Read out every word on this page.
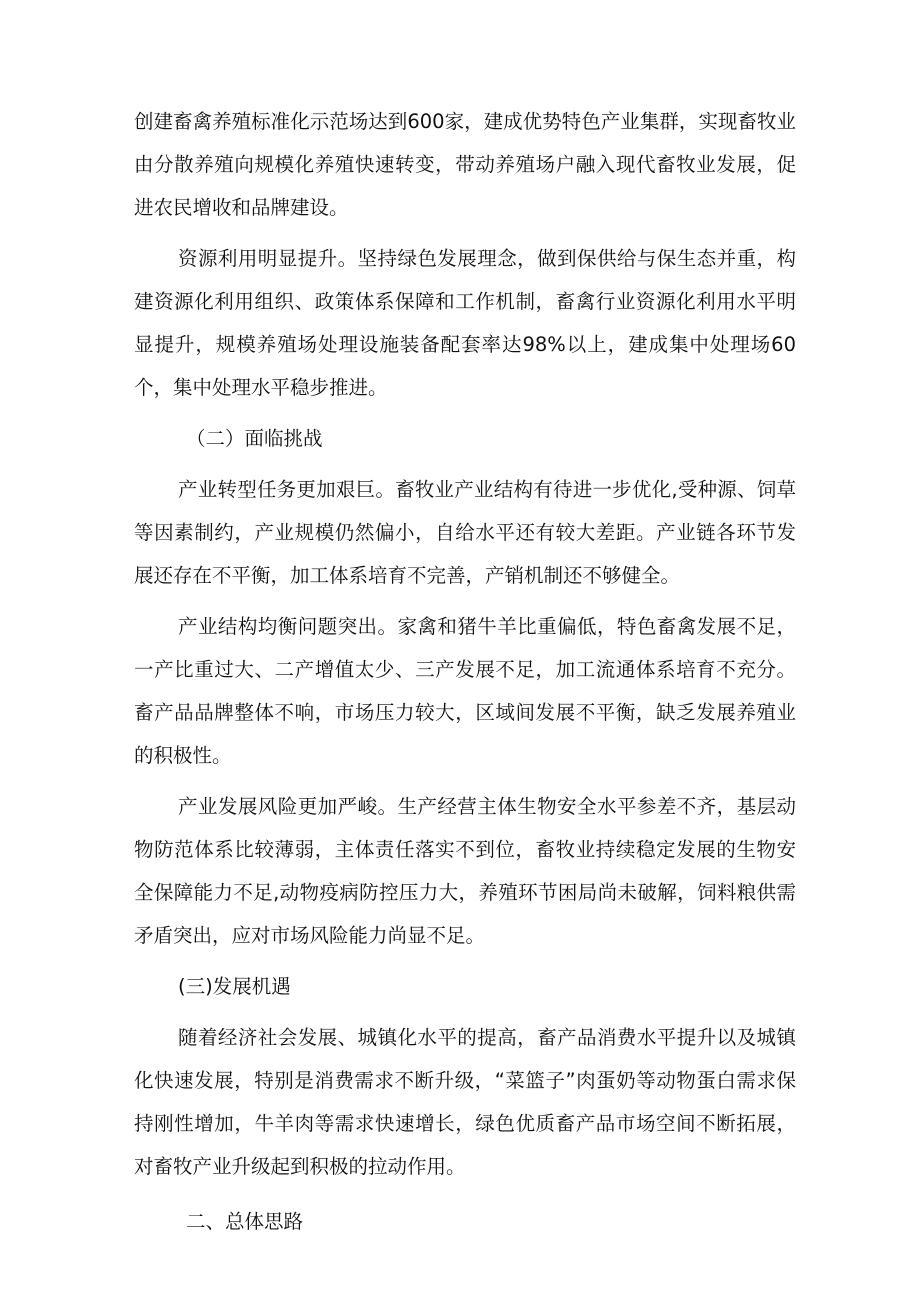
创建畜禽养殖标准化示范场达到600家，建成优势特色产业集群，实现畜牧业由分散养殖向规模化养殖快速转变，带动养殖场户融入现代畜牧业发展，促进农民增收和品牌建设。

资源利用明显提升。坚持绿色发展理念，做到保供给与保生态并重，构建资源化利用组织、政策体系保障和工作机制，畜禽行业资源化利用水平明显提升，规模养殖场处理设施装备配套率达98%以上，建成集中处理场60个，集中处理水平稳步推进。

（二）面临挑战

产业转型任务更加艰巨。畜牧业产业结构有待进一步优化,受种源、饲草等因素制约，产业规模仍然偏小，自给水平还有较大差距。产业链各环节发展还存在不平衡，加工体系培育不完善，产销机制还不够健全。

产业结构均衡问题突出。家禽和猪牛羊比重偏低，特色畜禽发展不足，一产比重过大、二产增值太少、三产发展不足，加工流通体系培育不充分。畜产品品牌整体不响，市场压力较大，区域间发展不平衡，缺乏发展养殖业的积极性。

产业发展风险更加严峻。生产经营主体生物安全水平参差不齐，基层动物防范体系比较薄弱，主体责任落实不到位，畜牧业持续稳定发展的生物安全保障能力不足,动物疫病防控压力大，养殖环节困局尚未破解，饲料粮供需矛盾突出，应对市场风险能力尚显不足。

(三)发展机遇

随着经济社会发展、城镇化水平的提高，畜产品消费水平提升以及城镇化快速发展，特别是消费需求不断升级，“菜篮子”肉蛋奶等动物蛋白需求保持刚性增加，牛羊肉等需求快速增长，绿色优质畜产品市场空间不断拓展，对畜牧产业升级起到积极的拉动作用。

二、总体思路
